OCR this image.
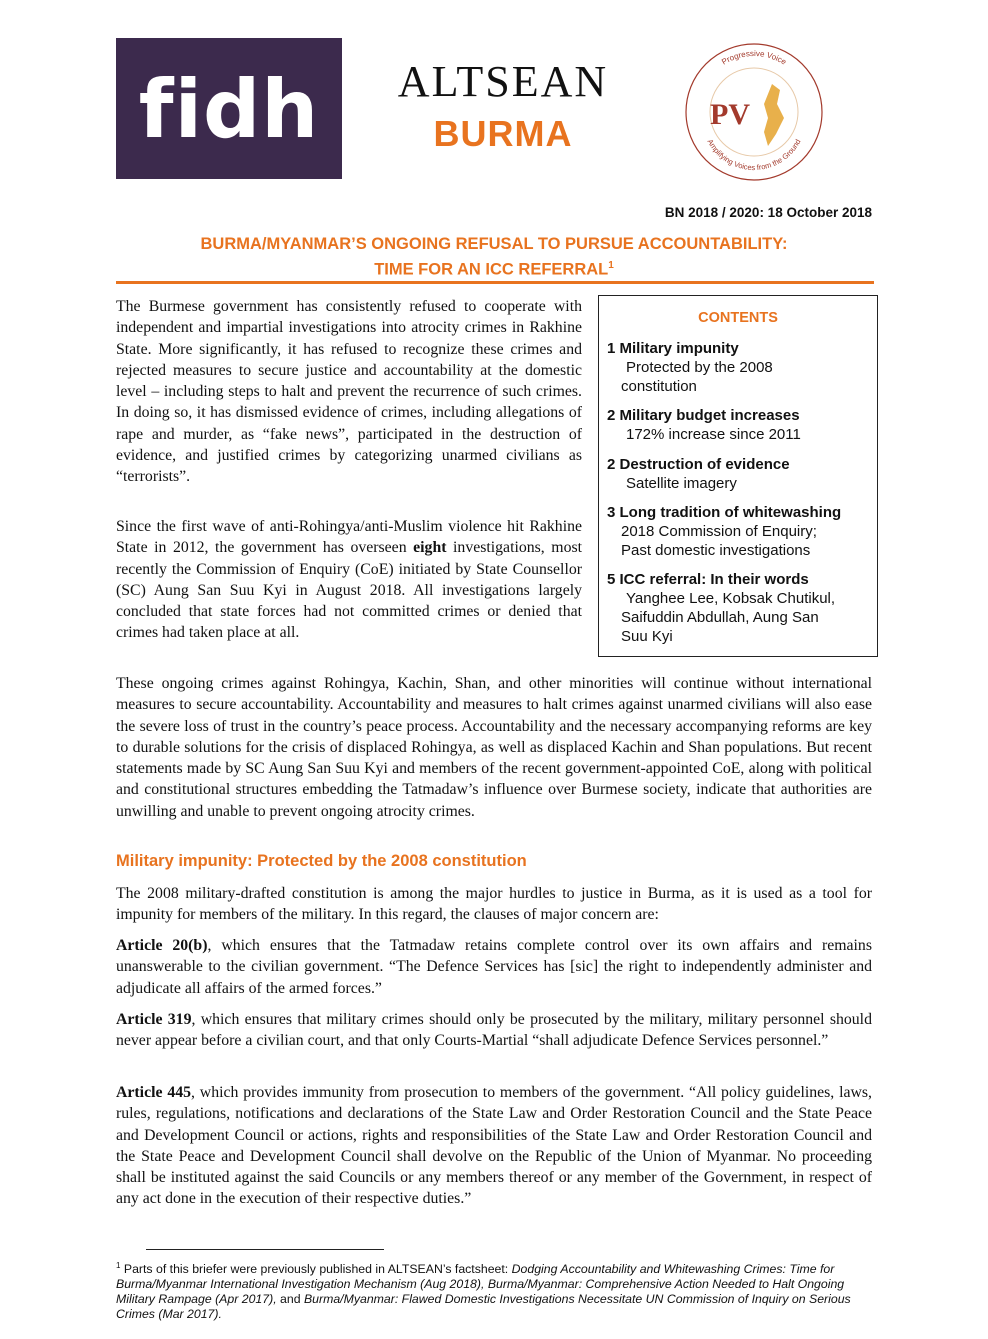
fidh	ALTSEAN
BURMA	PV
Progressive Voice
Amplifying Voices from the Ground
BN 2018 / 2020: 18 October 2018
BURMA/MYANMAR’S ONGOING REFUSAL TO PURSUE ACCOUNTABILITY:
TIME FOR AN ICC REFERRAL$^1$
The Burmese government has consistently refused to cooperate with independent and impartial investigations into atrocity crimes in Rakhine State. More significantly, it has refused to recognize these crimes and rejected measures to secure justice and accountability at the domestic level – including steps to halt and prevent the recurrence of such crimes. In doing so, it has dismissed evidence of crimes, including allegations of rape and murder, as “fake news”, participated in the destruction of evidence, and justified crimes by categorizing unarmed civilians as “terrorists”.
Since the first wave of anti-Rohingya/anti-Muslim violence hit Rakhine State in 2012, the government has overseen eight investigations, most recently the Commission of Enquiry (CoE) initiated by State Counsellor (SC) Aung San Suu Kyi in August 2018. All investigations largely concluded that state forces had not committed crimes or denied that crimes had taken place at all.
CONTENTS
1 Military impunity
Protected by the 2008
constitution
2 Military budget increases
172% increase since 2011
2 Destruction of evidence
Satellite imagery
3 Long tradition of whitewashing
2018 Commission of Enquiry;
Past domestic investigations
5 ICC referral: In their words
Yanghee Lee, Kobsak Chutikul,
Saifuddin Abdullah, Aung San
Suu Kyi
These ongoing crimes against Rohingya, Kachin, Shan, and other minorities will continue without international measures to secure accountability. Accountability and measures to halt crimes against unarmed civilians will also ease the severe loss of trust in the country’s peace process. Accountability and the necessary accompanying reforms are key to durable solutions for the crisis of displaced Rohingya, as well as displaced Kachin and Shan populations. But recent statements made by SC Aung San Suu Kyi and members of the recent government-appointed CoE, along with political and constitutional structures embedding the Tatmadaw’s influence over Burmese society, indicate that authorities are unwilling and unable to prevent ongoing atrocity crimes.
Military impunity: Protected by the 2008 constitution
The 2008 military-drafted constitution is among the major hurdles to justice in Burma, as it is used as a tool for impunity for members of the military. In this regard, the clauses of major concern are:
Article 20(b), which ensures that the Tatmadaw retains complete control over its own affairs and remains unanswerable to the civilian government. “The Defence Services has [sic] the right to independently administer and adjudicate all affairs of the armed forces.”
Article 319, which ensures that military crimes should only be prosecuted by the military, military personnel should never appear before a civilian court, and that only Courts-Martial “shall adjudicate Defence Services personnel.”
Article 445, which provides immunity from prosecution to members of the government. “All policy guidelines, laws, rules, regulations, notifications and declarations of the State Law and Order Restoration Council and the State Peace and Development Council or actions, rights and responsibilities of the State Law and Order Restoration Council and the State Peace and Development Council shall devolve on the Republic of the Union of Myanmar. No proceeding shall be instituted against the said Councils or any members thereof or any member of the Government, in respect of any act done in the execution of their respective duties.”
$^1$ Parts of this briefer were previously published in ALTSEAN’s factsheet: Dodging Accountability and Whitewashing Crimes: Time for Burma/Myanmar International Investigation Mechanism (Aug 2018), Burma/Myanmar: Comprehensive Action Needed to Halt Ongoing Military Rampage (Apr 2017), and Burma/Myanmar: Flawed Domestic Investigations Necessitate UN Commission of Inquiry on Serious Crimes (Mar 2017).
